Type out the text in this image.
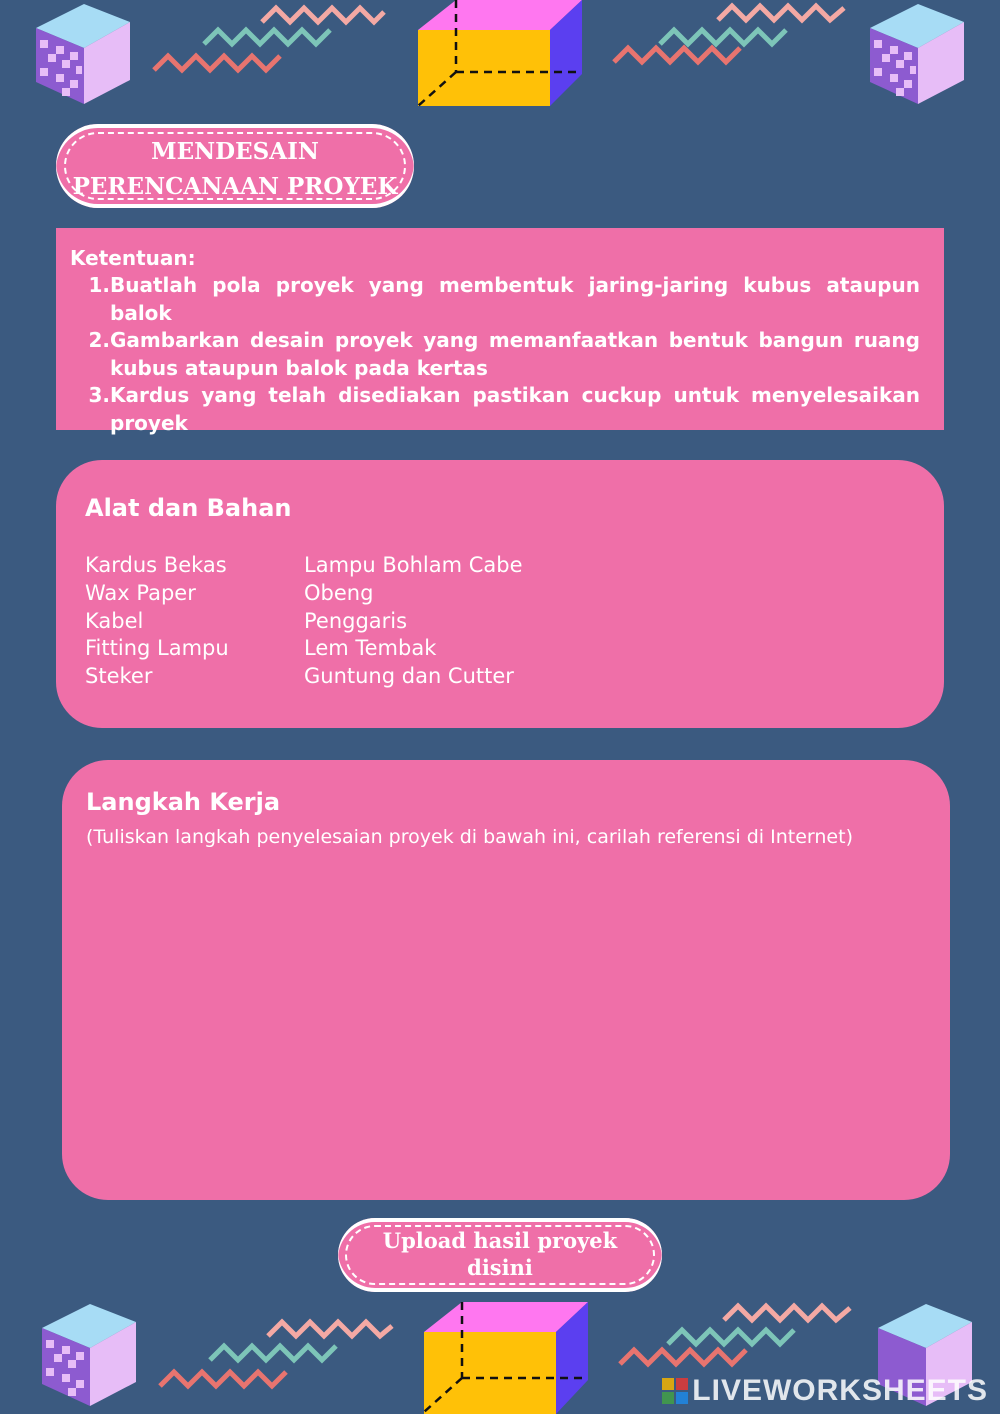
MENDESAIN
PERENCANAAN PROYEK
Ketentuan:
1. Buatlah pola proyek yang membentuk jaring-jaring kubus ataupun balok
2. Gambarkan desain proyek yang memanfaatkan bentuk bangun ruang kubus ataupun balok pada kertas
3. Kardus yang telah disediakan pastikan cuckup untuk menyelesaikan proyek
Alat dan Bahan
Kardus Bekas
Wax Paper
Kabel
Fitting Lampu
Steker
Lampu Bohlam Cabe
Obeng
Penggaris
Lem Tembak
Guntung dan Cutter
Langkah Kerja
(Tuliskan langkah penyelesaian proyek di bawah ini, carilah referensi di Internet)
Upload hasil proyek
disini
LIVEWORKSHEETS
